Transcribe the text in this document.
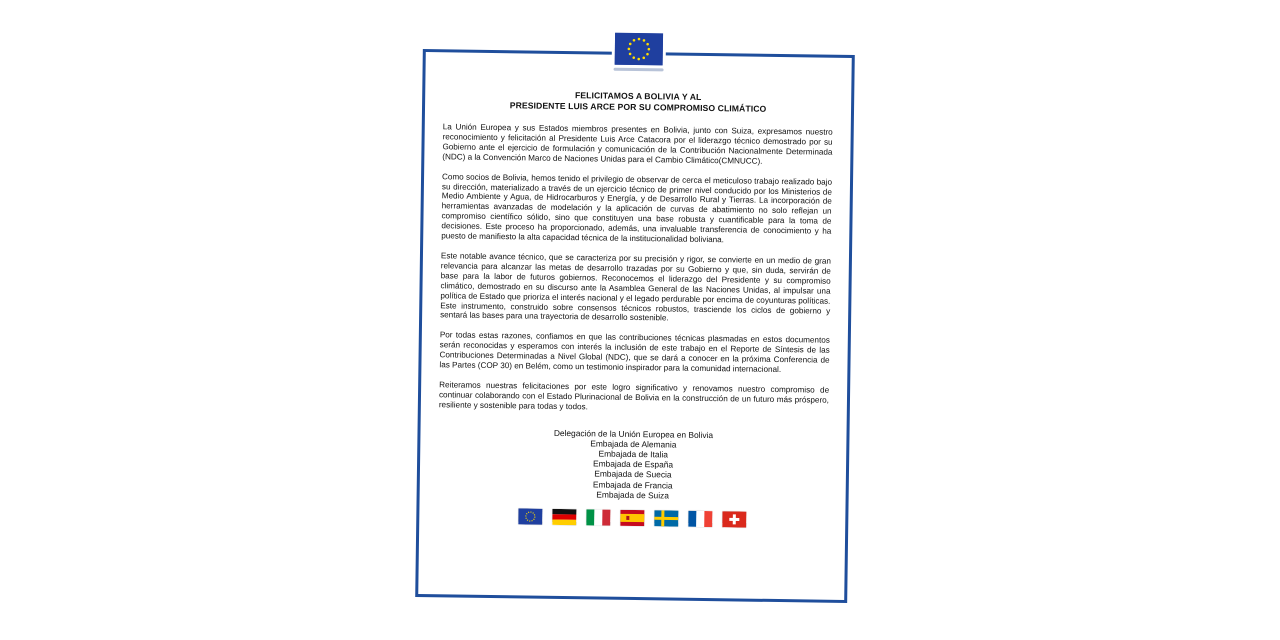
FELICITAMOS A BOLIVIA Y AL
PRESIDENTE LUIS ARCE POR SU COMPROMISO CLIMÁTICO

La Unión Europea y sus Estados miembros presentes en Bolivia, junto con Suiza, expresamos nuestro reconocimiento y felicitación al Presidente Luis Arce Catacora por el liderazgo técnico demostrado por su Gobierno ante el ejercicio de formulación y comunicación de la Contribución Nacionalmente Determinada (NDC) a la Convención Marco de Naciones Unidas para el Cambio Climático(CMNUCC).

Como socios de Bolivia, hemos tenido el privilegio de observar de cerca el meticuloso trabajo realizado bajo su dirección, materializado a través de un ejercicio técnico de primer nivel conducido por los Ministerios de Medio Ambiente y Agua, de Hidrocarburos y Energía, y de Desarrollo Rural y Tierras. La incorporación de herramientas avanzadas de modelación y la aplicación de curvas de abatimiento no solo reflejan un compromiso científico sólido, sino que constituyen una base robusta y cuantificable para la toma de decisiones. Este proceso ha proporcionado, además, una invaluable transferencia de conocimiento y ha puesto de manifiesto la alta capacidad técnica de la institucionalidad boliviana.

Este notable avance técnico, que se caracteriza por su precisión y rigor, se convierte en un medio de gran relevancia para alcanzar las metas de desarrollo trazadas por su Gobierno y que, sin duda, servirán de base para la labor de futuros gobiernos. Reconocemos el liderazgo del Presidente y su compromiso climático, demostrado en su discurso ante la Asamblea General de las Naciones Unidas, al impulsar una política de Estado que prioriza el interés nacional y el legado perdurable por encima de coyunturas políticas. Este instrumento, construido sobre consensos técnicos robustos, trasciende los ciclos de gobierno y sentará las bases para una trayectoria de desarrollo sostenible.

Por todas estas razones, confiamos en que las contribuciones técnicas plasmadas en estos documentos serán reconocidas y esperamos con interés la inclusión de este trabajo en el Reporte de Síntesis de las Contribuciones Determinadas a Nivel Global (NDC), que se dará a conocer en la próxima Conferencia de las Partes (COP 30) en Belém, como un testimonio inspirador para la comunidad internacional.

Reiteramos nuestras felicitaciones por este logro significativo y renovamos nuestro compromiso de continuar colaborando con el Estado Plurinacional de Bolivia en la construcción de un futuro más próspero, resiliente y sostenible para todas y todos.

Delegación de la Unión Europea en Bolivia
Embajada de Alemania
Embajada de Italia
Embajada de España
Embajada de Suecia
Embajada de Francia
Embajada de Suiza
